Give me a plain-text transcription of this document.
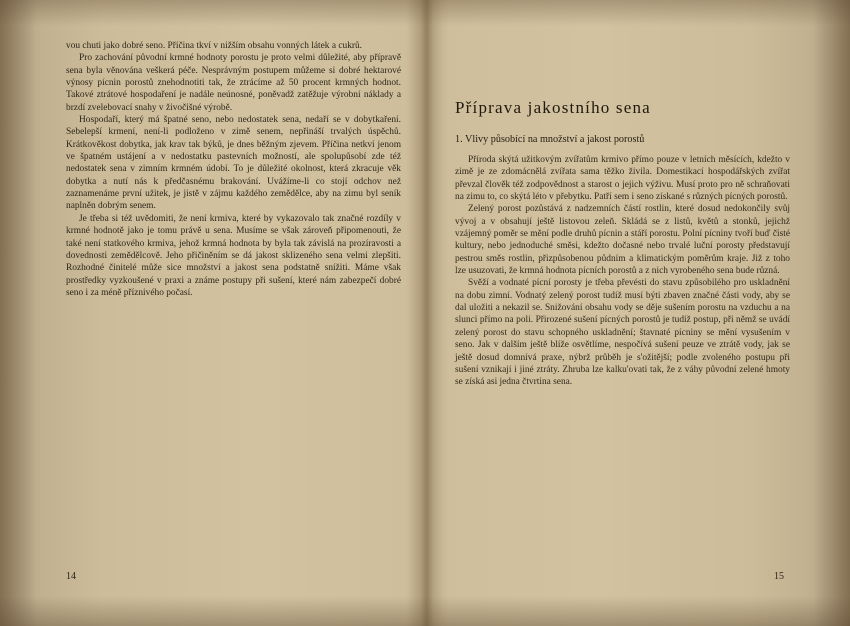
vou chuti jako dobré seno. Příčina tkví v nižším obsahu vonných látek a cukrů.

Pro zachování původní krmné hodnoty porostu je proto velmi důležité, aby přípravě sena byla věnována veškerá péče. Nesprávným postupem můžeme si dobré hektarové výnosy pícnin porostů znehodnotiti tak, že ztrácíme až 50 procent krmných hodnot. Takové ztrátové hospodaření je nadále neúnosné, poněvadž zatěžuje výrobní náklady a brzdí zvelebovací snahy v živočišné výrobě.

Hospodaří, který má špatné seno, nebo nedostatek sena, nedaří se v dobytkaření. Sebelepší krmení, není-li podloženo v zimě senem, nepřináší trvalých úspěchů. Krátkověkost dobytka, jak krav tak býků, je dnes běžným zjevem. Příčina netkví jenom ve špatném ustájení a v nedostatku pastevních možností, ale spolupůsobí zde též nedostatek sena v zimním krmném údobí. To je důležité okolnost, která zkracuje věk dobytka a nutí nás k předčasnému brakování. Uvážíme-li co stojí odchov než zaznamenáme první užitek, je jistě v zájmu každého zemědělce, aby na zimu byl seník naplněn dobrým senem.

Je třeba si též uvědomiti, že není krmiva, které by vykazovalo tak značné rozdíly v krmné hodnotě jako je tomu právě u sena. Musíme se však zároveň připomenouti, že také není statkového krmiva, jehož krmná hodnota by byla tak závislá na prozíravosti a dovednosti zemědělcově. Jeho přičiněním se dá jakost sklizeného sena velmi zlepšiti. Rozhodné činitelé může sice množství a jakost sena podstatně snížiti. Máme však prostředky vyzkoušené v praxi a známe postupy při sušení, které nám zabezpečí dobré seno i za méně příznivého počasí.

Příprava jakostního sena
1. Vlivy působící na množství a jakost porostů

Příroda skýtá užitkovým zvířatům krmivo přímo pouze v letních měsících, kdežto v zimě je ze zdomácnělá zvířata sama těžko živila. Domestikací hospodářských zvířat převzal člověk též zodpovědnost a starost o jejich výživu. Musí proto pro ně schraňovati na zimu to, co skýtá léto v přebytku. Patří sem i seno získané s různých pícných porostů.

Zelený porost pozůstává z nadzemních částí rostlin, které dosud nedokončily svůj vývoj a v obsahují ještě listovou zeleň. Skládá se z listů, květů a stonků, jejichž vzájemný poměr se mění podle druhů pícnin a stáří porostu. Polní pícniny tvoří buď čisté kultury, nebo jednoduché směsi, kdežto dočasné nebo trvalé luční porosty představují pestrou směs rostlin, přizpůsobenou půdním a klimatickým poměrům kraje. Již z toho lze usuzovati, že krmná hodnota pícních porostů a z nich vyrobeného sena bude různá.

Svěží a vodnaté pícní porosty je třeba převésti do stavu způsobilého pro uskladnění na dobu zimní. Vodnatý zelený porost tudíž musí býti zbaven značné části vody, aby se dal uložiti a nekazil se. Snižování obsahu vody se děje sušením porostu na vzduchu a na slunci přímo na poli. Přirozené sušení pícných porostů je tudíž postup, při němž se uvádí zelený porost do stavu schopného uskladnění; štavnaté pícniny se mění vysušením v seno. Jak v dalším ještě blíže osvětlíme, nespočívá sušení peuze ve ztrátě vody, jak se ještě dosud domnívá praxe, nýbrž průběh je s'ožitější; podle zvoleného postupu při sušení vznikají i jiné ztráty. Zhruba lze kalku'ovati tak, že z váhy původní zelené hmoty se získá asi jedna čtvrtina sena.

14	15
